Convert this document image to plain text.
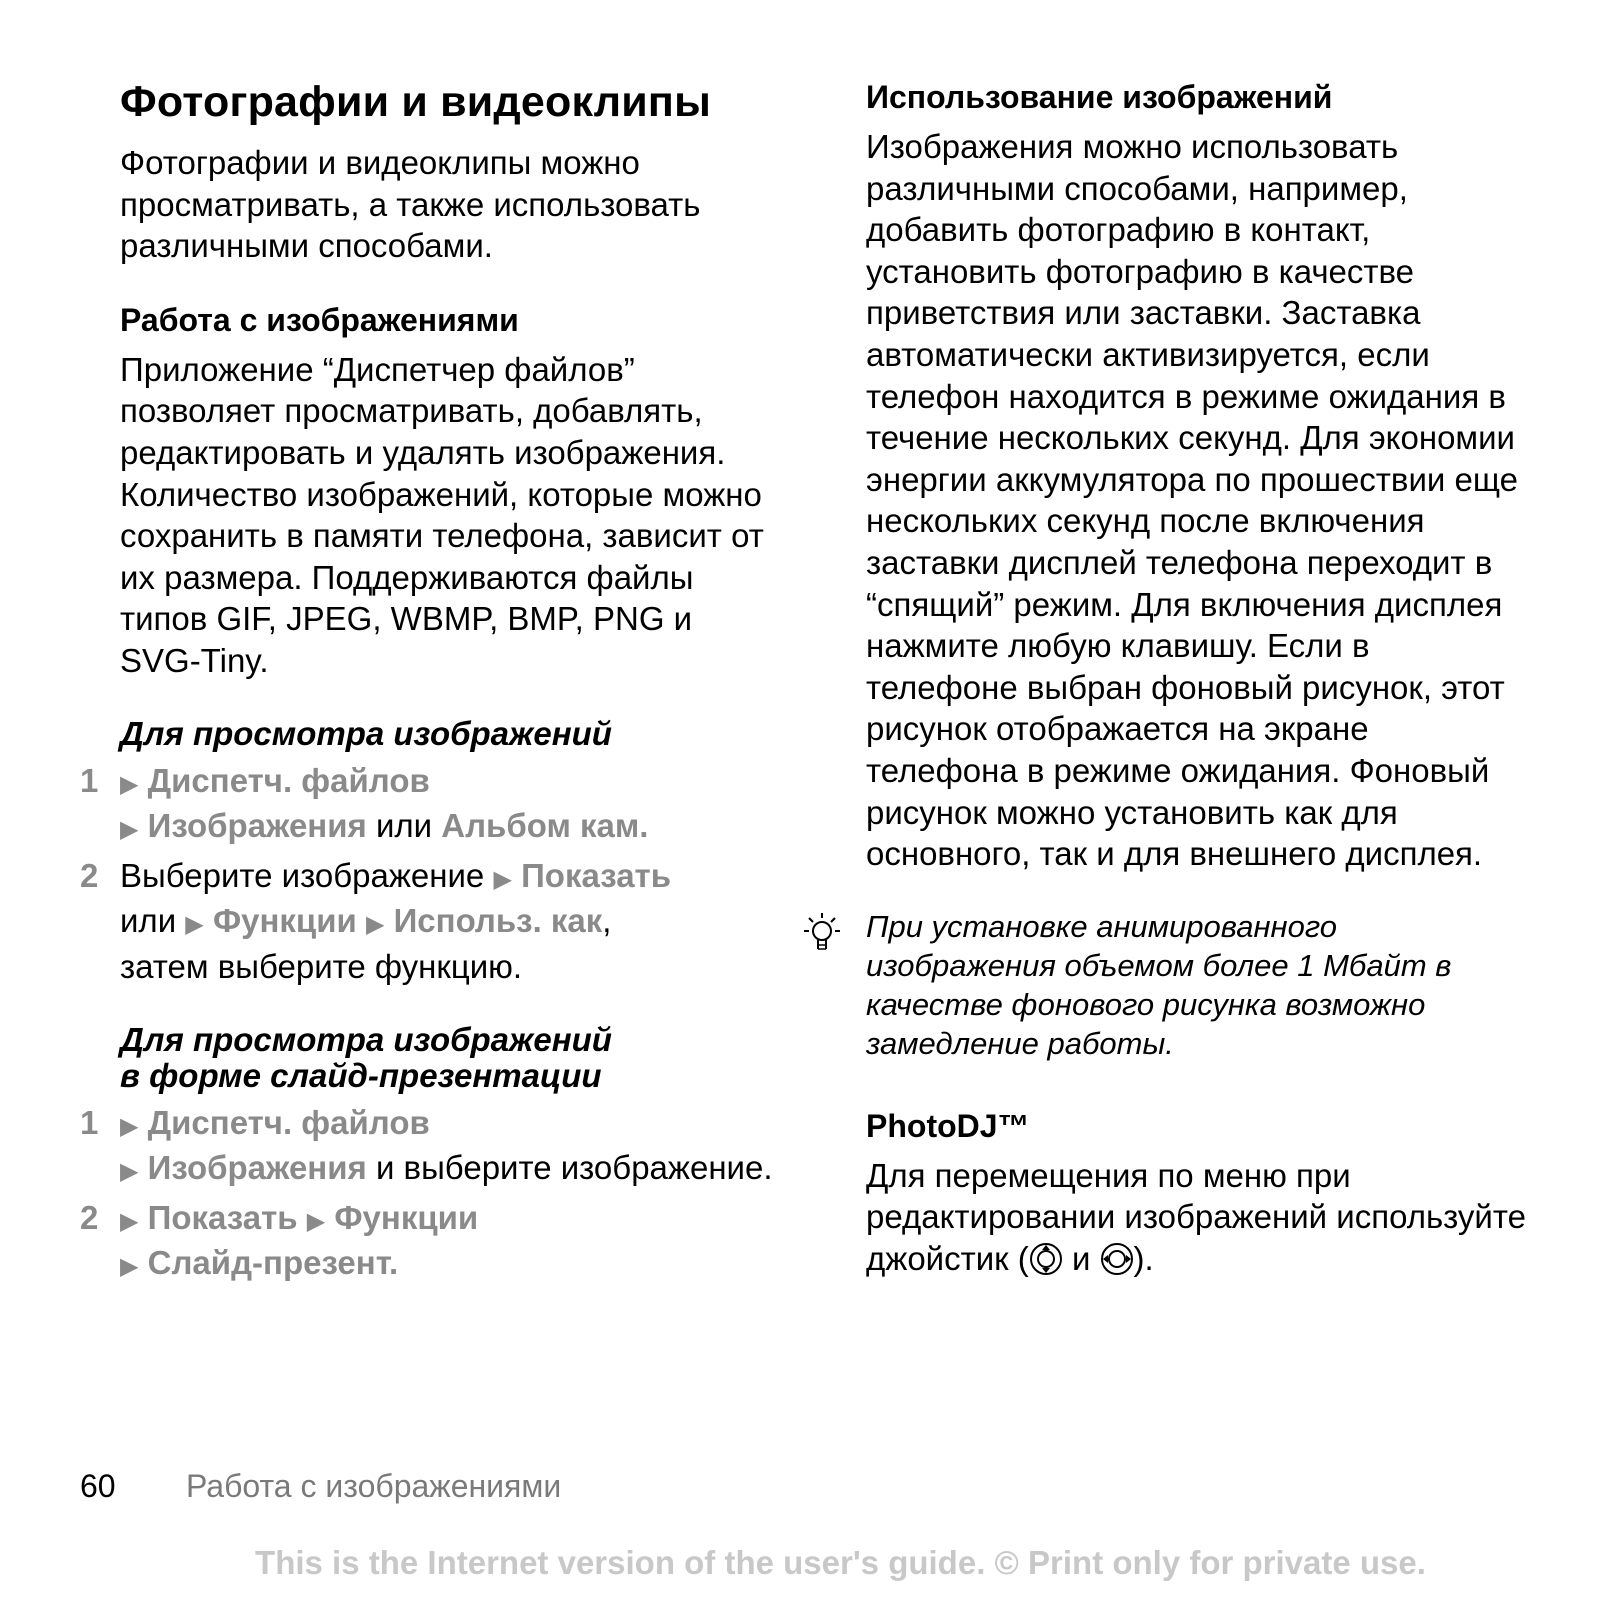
Фотографии и видеоклипы

Фотографии и видеоклипы можно просматривать, а также использовать различными способами.

Работа с изображениями

Приложение “Диспетчер файлов” позволяет просматривать, добавлять, редактировать и удалять изображения. Количество изображений, которые можно сохранить в памяти телефона, зависит от их размера. Поддерживаются файлы типов GIF, JPEG, WBMP, BMP, PNG и SVG-Tiny.

Для просмотра изображений
1 ▶ Диспетч. файлов
▶ Изображения или Альбом кам.
2 Выберите изображение ▶ Показать
или ▶ Функции ▶ Использ. как,
затем выберите функцию.
Для просмотра изображений
в форме слайд-презентации
1 ▶ Диспетч. файлов
▶ Изображения и выберите изображение.
2 ▶ Показать ▶ Функции
▶ Слайд-презент.
Использование изображений

Изображения можно использовать различными способами, например, добавить фотографию в контакт, установить фотографию в качестве приветствия или заставки. Заставка автоматически активизируется, если телефон находится в режиме ожидания в течение нескольких секунд. Для экономии энергии аккумулятора по прошествии еще нескольких секунд после включения заставки дисплей телефона переходит в “спящий” режим. Для включения дисплея нажмите любую клавишу. Если в телефоне выбран фоновый рисунок, этот рисунок отображается на экране телефона в режиме ожидания. Фоновый рисунок можно установить как для основного, так и для внешнего дисплея.

При установке анимированного изображения объемом более 1 Мбайт в качестве фонового рисунка возможно замедление работы.

PhotoDJ™

Для перемещения по меню при редактировании изображений используйте джойстик ( и ).

60 Работа с изображениями
This is the Internet version of the user's guide. © Print only for private use.
